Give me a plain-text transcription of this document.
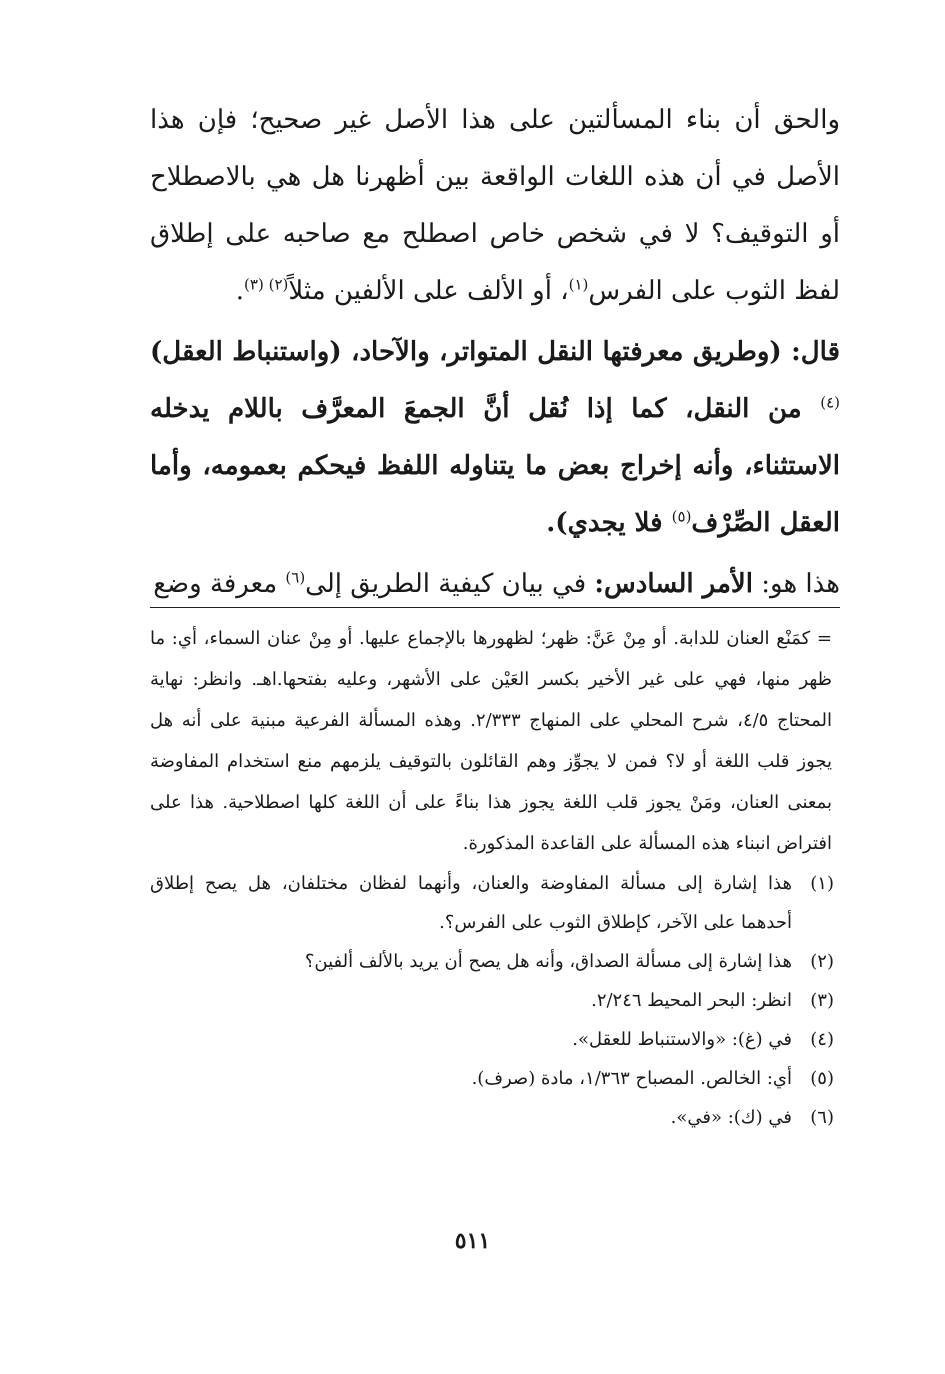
والحق أن بناء المسألتين على هذا الأصل غير صحيح؛ فإن هذا الأصل في أن هذه اللغات الواقعة بين أظهرنا هل هي بالاصطلاح أو التوقيف؟ لا في شخص خاص اصطلح مع صاحبه على إطلاق لفظ الثوب على الفرس$^{(١)}$، أو الألف على الألفين مثلاً$^{(٢) (٣)}$.

قال: (وطريق معرفتها النقل المتواتر، والآحاد، (واستنباط العقل)$^{(٤)}$ من النقل، كما إذا نُقل أنَّ الجمعَ المعرَّف باللام يدخله الاستثناء، وأنه إخراج بعض ما يتناوله اللفظ فيحكم بعمومه، وأما العقل الصِّرْف$^{(٥)}$ فلا يجدي).

هذا هو: الأمر السادس: في بيان كيفية الطريق إلى$^{(٦)}$ معرفة وضع

= كمَنْع العنان للدابة. أو مِنْ عَنَّ: ظهر؛ لظهورها بالإجماع عليها. أو مِنْ عنان السماء، أي: ما ظهر منها، فهي على غير الأخير بكسر العَيْن على الأشهر، وعليه بفتحها.اهـ. وانظر: نهاية المحتاج ٤/٥، شرح المحلي على المنهاج ٢/٣٣٣. وهذه المسألة الفرعية مبنية على أنه هل يجوز قلب اللغة أو لا؟ فمن لا يجوِّز وهم القائلون بالتوقيف يلزمهم منع استخدام المفاوضة بمعنى العنان، ومَنْ يجوز قلب اللغة يجوز هذا بناءً على أن اللغة كلها اصطلاحية. هذا على افتراض انبناء هذه المسألة على القاعدة المذكورة.

(١)
هذا إشارة إلى مسألة المفاوضة والعنان، وأنهما لفظان مختلفان، هل يصح إطلاق أحدهما على الآخر، كإطلاق الثوب على الفرس؟.
(٢)
هذا إشارة إلى مسألة الصداق، وأنه هل يصح أن يريد بالألف ألفين؟
(٣)
انظر: البحر المحيط ٢/٢٤٦.
(٤)
في (غ): «والاستنباط للعقل».
(٥)
أي: الخالص. المصباح ١/٣٦٣، مادة (صرف).
(٦)
في (ك): «في».
٥١١
